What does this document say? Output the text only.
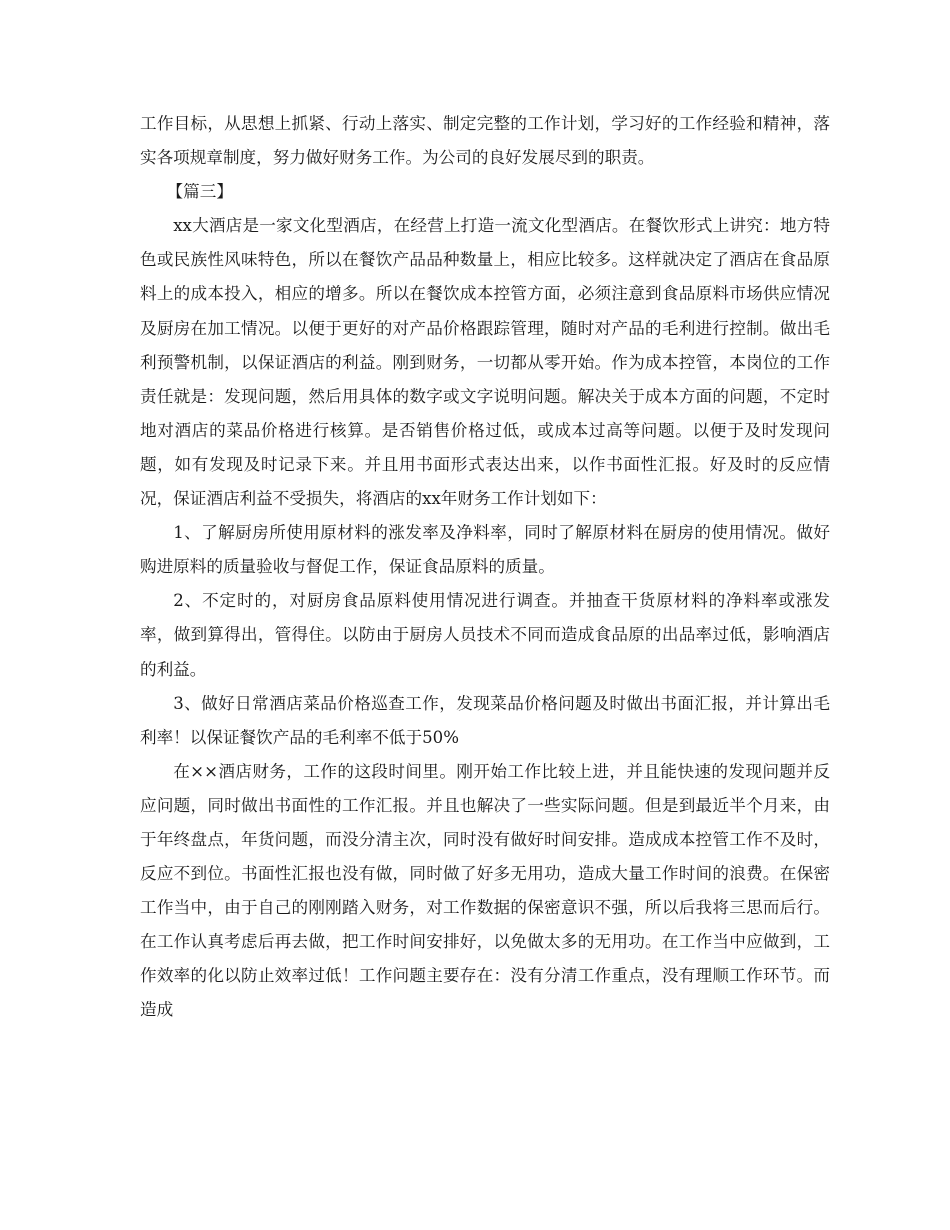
工作目标，从思想上抓紧、行动上落实、制定完整的工作计划，学习好的工作经验和精神，落实各项规章制度，努力做好财务工作。为公司的良好发展尽到的职责。

【篇三】

xx大酒店是一家文化型酒店，在经营上打造一流文化型酒店。在餐饮形式上讲究：地方特色或民族性风味特色，所以在餐饮产品品种数量上，相应比较多。这样就决定了酒店在食品原料上的成本投入，相应的增多。所以在餐饮成本控管方面，必须注意到食品原料市场供应情况及厨房在加工情况。以便于更好的对产品价格跟踪管理，随时对产品的毛利进行控制。做出毛利预警机制，以保证酒店的利益。刚到财务，一切都从零开始。作为成本控管，本岗位的工作责任就是：发现问题，然后用具体的数字或文字说明问题。解决关于成本方面的问题，不定时地对酒店的菜品价格进行核算。是否销售价格过低，或成本过高等问题。以便于及时发现问题，如有发现及时记录下来。并且用书面形式表达出来，以作书面性汇报。好及时的反应情况，保证酒店利益不受损失，将酒店的xx年财务工作计划如下：

1、了解厨房所使用原材料的涨发率及净料率，同时了解原材料在厨房的使用情况。做好购进原料的质量验收与督促工作，保证食品原料的质量。

2、不定时的，对厨房食品原料使用情况进行调查。并抽查干货原材料的净料率或涨发率，做到算得出，管得住。以防由于厨房人员技术不同而造成食品原的出品率过低，影响酒店的利益。

3、做好日常酒店菜品价格巡查工作，发现菜品价格问题及时做出书面汇报，并计算出毛利率！以保证餐饮产品的毛利率不低于50%

在××酒店财务，工作的这段时间里。刚开始工作比较上进，并且能快速的发现问题并反应问题，同时做出书面性的工作汇报。并且也解决了一些实际问题。但是到最近半个月来，由于年终盘点，年货问题，而没分清主次，同时没有做好时间安排。造成成本控管工作不及时，反应不到位。书面性汇报也没有做，同时做了好多无用功，造成大量工作时间的浪费。在保密工作当中，由于自己的刚刚踏入财务，对工作数据的保密意识不强，所以后我将三思而后行。在工作认真考虑后再去做，把工作时间安排好，以免做太多的无用功。在工作当中应做到，工作效率的化以防止效率过低！工作问题主要存在：没有分清工作重点，没有理顺工作环节。而造成
